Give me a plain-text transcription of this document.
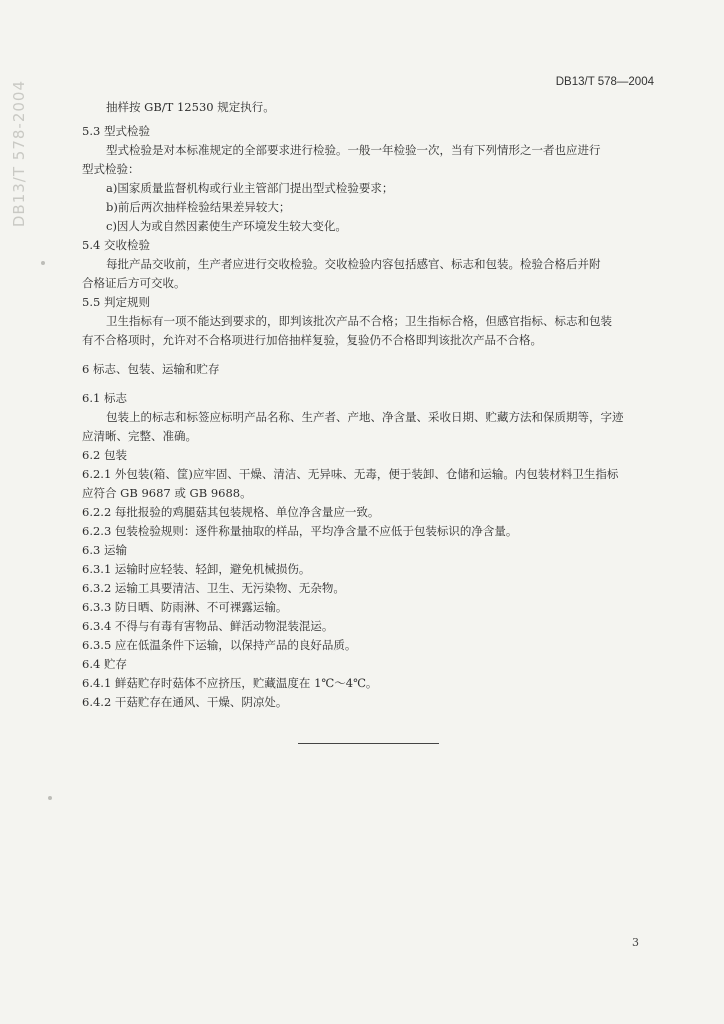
DB13/T 578-2004	DB13/T 578—2004
抽样按 GB/T 12530 规定执行。
5.3 型式检验
型式检验是对本标准规定的全部要求进行检验。一般一年检验一次，当有下列情形之一者也应进行
型式检验：
a)国家质量监督机构或行业主管部门提出型式检验要求；
b)前后两次抽样检验结果差异较大；
c)因人为或自然因素使生产环境发生较大变化。
5.4 交收检验
每批产品交收前，生产者应进行交收检验。交收检验内容包括感官、标志和包装。检验合格后并附
合格证后方可交收。
5.5 判定规则
卫生指标有一项不能达到要求的，即判该批次产品不合格；卫生指标合格，但感官指标、标志和包装
有不合格项时，允许对不合格项进行加倍抽样复验，复验仍不合格即判该批次产品不合格。
6 标志、包装、运输和贮存
6.1 标志
包装上的标志和标签应标明产品名称、生产者、产地、净含量、采收日期、贮藏方法和保质期等，字迹
应清晰、完整、准确。
6.2 包装
6.2.1 外包装(箱、筐)应牢固、干燥、清洁、无异味、无毒，便于装卸、仓储和运输。内包装材料卫生指标
应符合 GB 9687 或 GB 9688。
6.2.2 每批报验的鸡腿菇其包装规格、单位净含量应一致。
6.2.3 包装检验规则：逐件称量抽取的样品，平均净含量不应低于包装标识的净含量。
6.3 运输
6.3.1 运输时应轻装、轻卸，避免机械损伤。
6.3.2 运输工具要清洁、卫生、无污染物、无杂物。
6.3.3 防日晒、防雨淋、不可裸露运输。
6.3.4 不得与有毒有害物品、鲜活动物混装混运。
6.3.5 应在低温条件下运输，以保持产品的良好品质。
6.4 贮存
6.4.1 鲜菇贮存时菇体不应挤压，贮藏温度在 1℃～4℃。
6.4.2 干菇贮存在通风、干燥、阴凉处。
3
